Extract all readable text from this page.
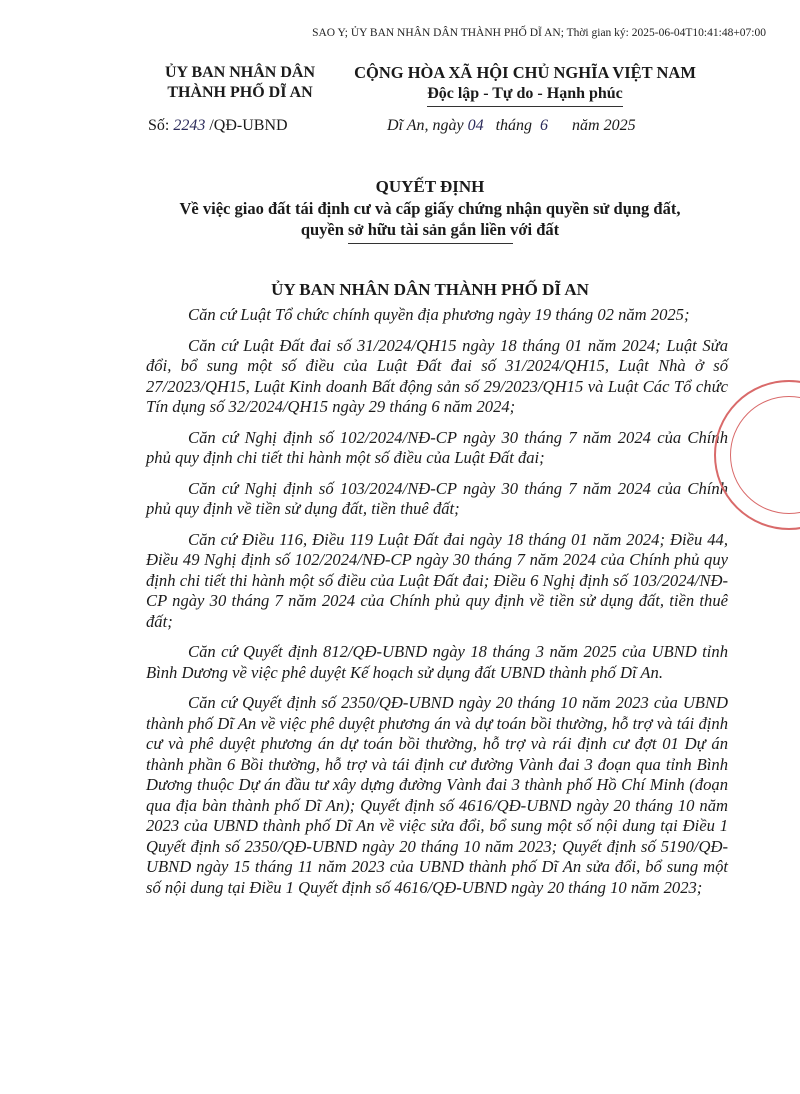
SAO Y; ỦY BAN NHÂN DÂN THÀNH PHỐ DĨ AN; Thời gian ký: 2025-06-04T10:41:48+07:00
ỦY BAN NHÂN DÂN
THÀNH PHỐ DĨ AN
CỘNG HÒA XÃ HỘI CHỦ NGHĨA VIỆT NAM
Độc lập - Tự do - Hạnh phúc
Số: 2243 /QĐ-UBND	Dĩ An, ngày 04 tháng 6 năm 2025
QUYẾT ĐỊNH
Về việc giao đất tái định cư và cấp giấy chứng nhận quyền sử dụng đất,
quyền sở hữu tài sản gắn liền với đất
ỦY BAN NHÂN DÂN THÀNH PHỐ DĨ AN

Căn cứ Luật Tổ chức chính quyền địa phương ngày 19 tháng 02 năm 2025;

Căn cứ Luật Đất đai số 31/2024/QH15 ngày 18 tháng 01 năm 2024; Luật Sửa đổi, bổ sung một số điều của Luật Đất đai số 31/2024/QH15, Luật Nhà ở số 27/2023/QH15, Luật Kinh doanh Bất động sản số 29/2023/QH15 và Luật Các Tổ chức Tín dụng số 32/2024/QH15 ngày 29 tháng 6 năm 2024;

Căn cứ Nghị định số 102/2024/NĐ-CP ngày 30 tháng 7 năm 2024 của Chính phủ quy định chi tiết thi hành một số điều của Luật Đất đai;

Căn cứ Nghị định số 103/2024/NĐ-CP ngày 30 tháng 7 năm 2024 của Chính phủ quy định về tiền sử dụng đất, tiền thuê đất;

Căn cứ Điều 116, Điều 119 Luật Đất đai ngày 18 tháng 01 năm 2024; Điều 44, Điều 49 Nghị định số 102/2024/NĐ-CP ngày 30 tháng 7 năm 2024 của Chính phủ quy định chi tiết thi hành một số điều của Luật Đất đai; Điều 6 Nghị định số 103/2024/NĐ-CP ngày 30 tháng 7 năm 2024 của Chính phủ quy định về tiền sử dụng đất, tiền thuê đất;

Căn cứ Quyết định 812/QĐ-UBND ngày 18 tháng 3 năm 2025 của UBND tỉnh Bình Dương về việc phê duyệt Kế hoạch sử dụng đất UBND thành phố Dĩ An.

Căn cứ Quyết định số 2350/QĐ-UBND ngày 20 tháng 10 năm 2023 của UBND thành phố Dĩ An về việc phê duyệt phương án và dự toán bồi thường, hỗ trợ và tái định cư và phê duyệt phương án dự toán bồi thường, hỗ trợ và rái định cư đợt 01 Dự án thành phần 6 Bồi thường, hỗ trợ và tái định cư đường Vành đai 3 đoạn qua tỉnh Bình Dương thuộc Dự án đầu tư xây dựng đường Vành đai 3 thành phố Hồ Chí Minh (đoạn qua địa bàn thành phố Dĩ An); Quyết định số 4616/QĐ-UBND ngày 20 tháng 10 năm 2023 của UBND thành phố Dĩ An về việc sửa đổi, bổ sung một số nội dung tại Điều 1 Quyết định số 2350/QĐ-UBND ngày 20 tháng 10 năm 2023; Quyết định số 5190/QĐ-UBND ngày 15 tháng 11 năm 2023 của UBND thành phố Dĩ An sửa đổi, bổ sung một số nội dung tại Điều 1 Quyết định số 4616/QĐ-UBND ngày 20 tháng 10 năm 2023;
